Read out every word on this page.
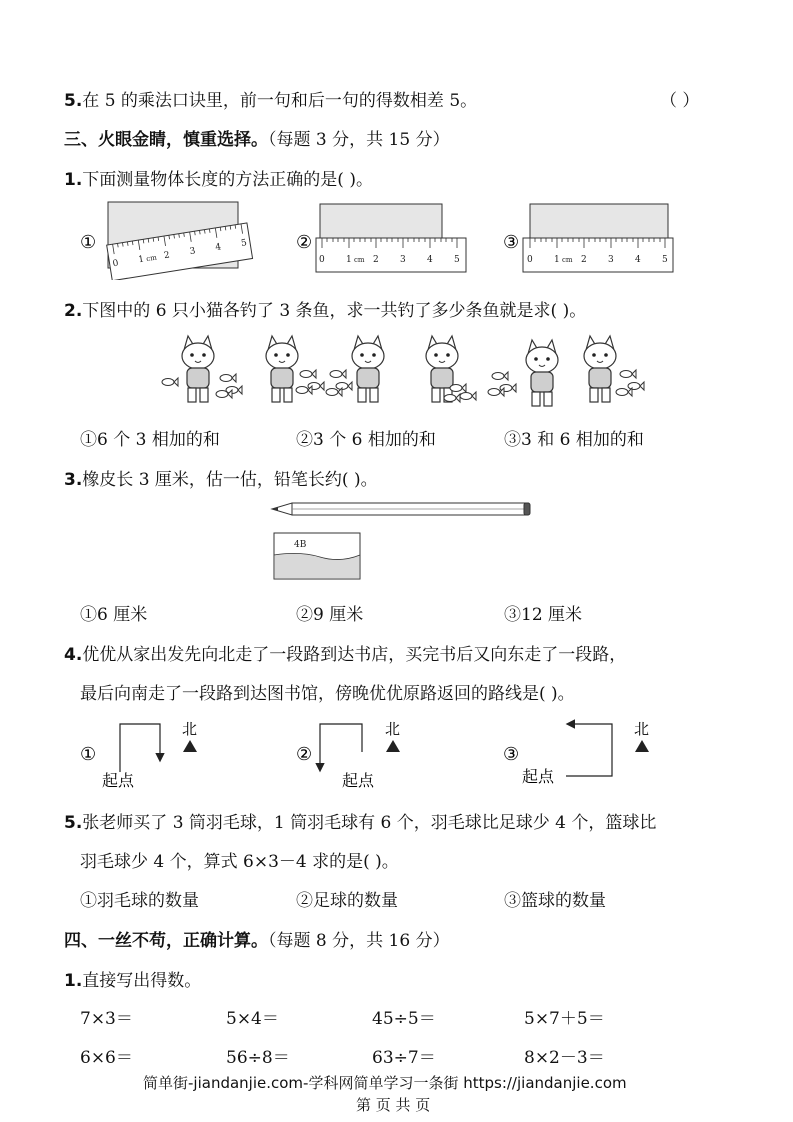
5.在 5 的乘法口诀里，前一句和后一句的得数相差 5。	（ ）
三、火眼金睛，慎重选择。（每题 3 分，共 15 分）
1.下面测量物体长度的方法正确的是( )。
①
0 1 cm 2 3 4 5	②
0 1 cm 2 3 4 5
③
0 1 cm 2 3 4 5
2.下图中的 6 只小猫各钓了 3 条鱼，求一共钓了多少条鱼就是求( )。
①6 个 3 相加的和	②3 个 6 相加的和	③3 和 6 相加的和
3.橡皮长 3 厘米，估一估，铅笔长约( )。
4B
①6 厘米	②9 厘米	③12 厘米
4.优优从家出发先向北走了一段路到达书店，买完书后又向东走了一段路，
最后向南走了一段路到达图书馆，傍晚优优原路返回的路线是( )。
①
起点
北
②
起点
北
③
起点
北
5.张老师买了 3 筒羽毛球，1 筒羽毛球有 6 个，羽毛球比足球少 4 个，篮球比
羽毛球少 4 个，算式 6×3－4 求的是( )。
①羽毛球的数量	②足球的数量	③篮球的数量
四、一丝不苟，正确计算。（每题 8 分，共 16 分）
1.直接写出得数。
7×3＝	5×4＝	45÷5＝	5×7＋5＝
6×6＝	56÷8＝	63÷7＝	8×2－3＝
简单街-jiandanjie.com-学科网简单学习一条街 https://jiandanjie.com
第 页 共 页
